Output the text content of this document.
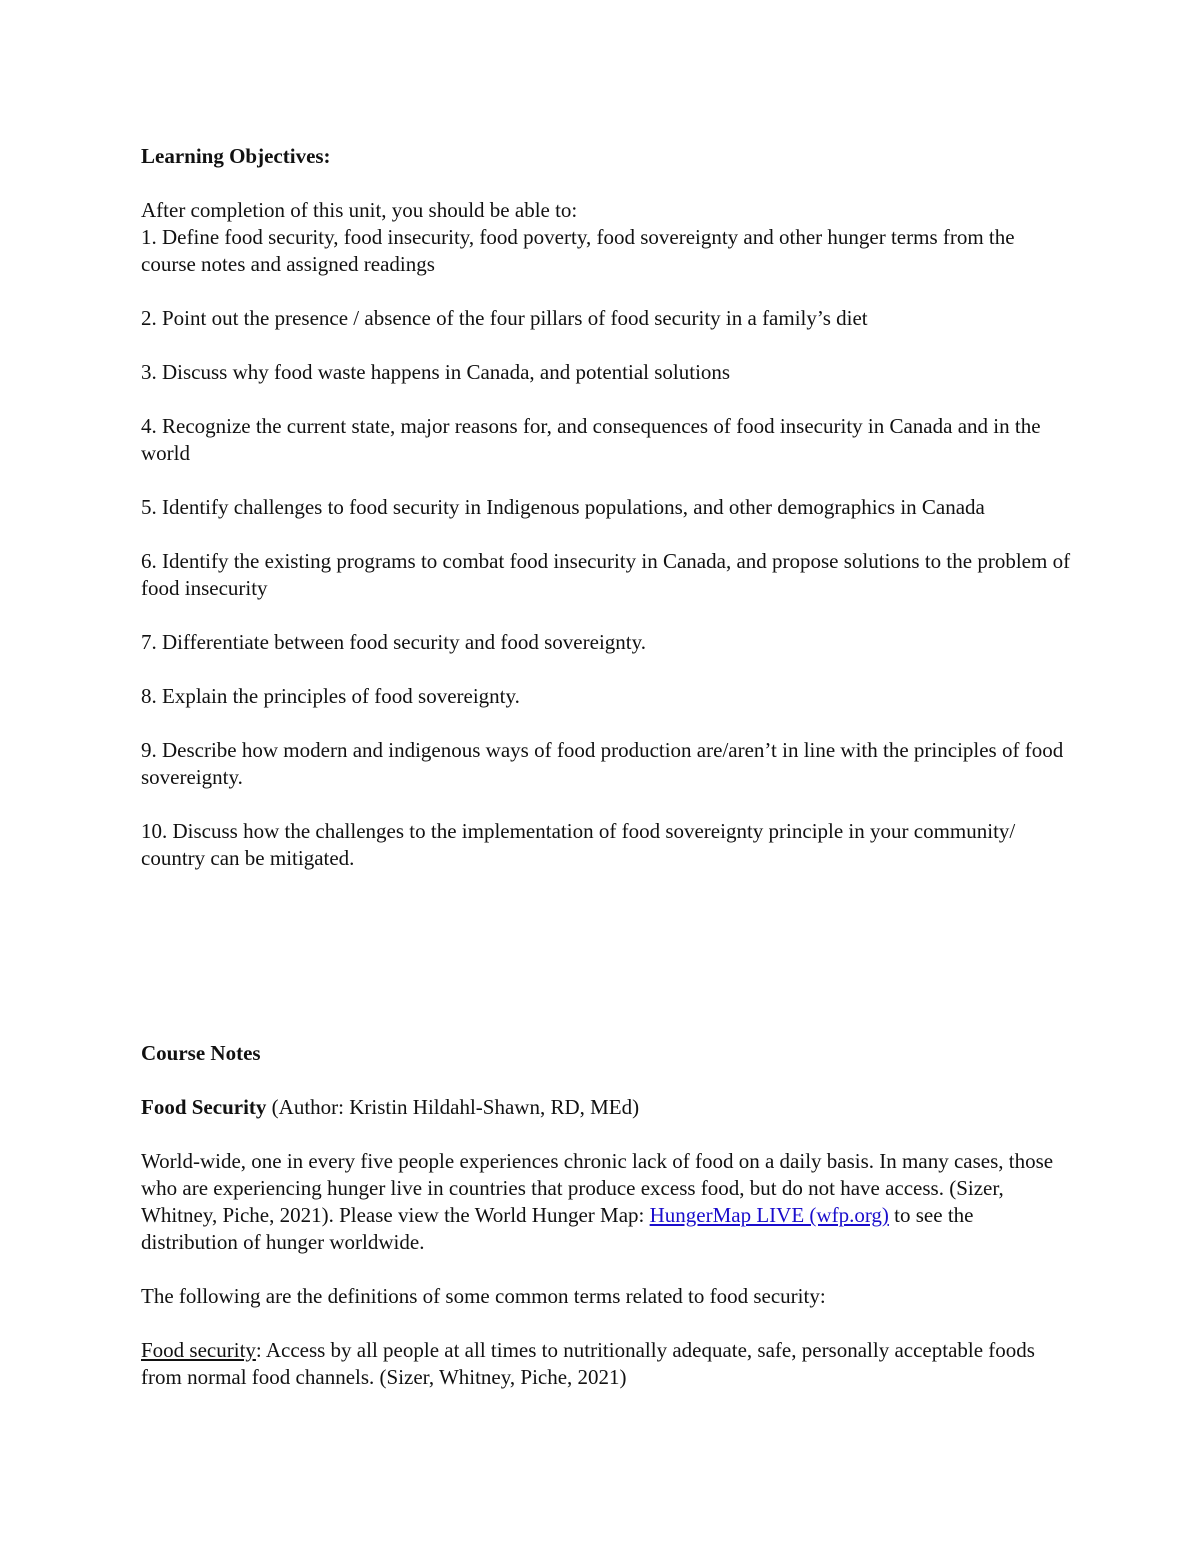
Learning Objectives:

After completion of this unit, you should be able to:

1. Define food security, food insecurity, food poverty, food sovereignty and other hunger terms from the course notes and assigned readings

2. Point out the presence / absence of the four pillars of food security in a family’s diet

3. Discuss why food waste happens in Canada, and potential solutions

4. Recognize the current state, major reasons for, and consequences of food insecurity in Canada and in the world

5. Identify challenges to food security in Indigenous populations, and other demographics in Canada

6. Identify the existing programs to combat food insecurity in Canada, and propose solutions to the problem of food insecurity

7. Differentiate between food security and food sovereignty.

8. Explain the principles of food sovereignty.

9. Describe how modern and indigenous ways of food production are/aren’t in line with the principles of food sovereignty.

10. Discuss how the challenges to the implementation of food sovereignty principle in your community/ country can be mitigated.

Course Notes

Food Security (Author: Kristin Hildahl-Shawn, RD, MEd)

World-wide, one in every five people experiences chronic lack of food on a daily basis. In many cases, those who are experiencing hunger live in countries that produce excess food, but do not have access. (Sizer, Whitney, Piche, 2021). Please view the World Hunger Map: HungerMap LIVE (wfp.org) to see the distribution of hunger worldwide.

The following are the definitions of some common terms related to food security:

Food security: Access by all people at all times to nutritionally adequate, safe, personally acceptable foods from normal food channels. (Sizer, Whitney, Piche, 2021)
